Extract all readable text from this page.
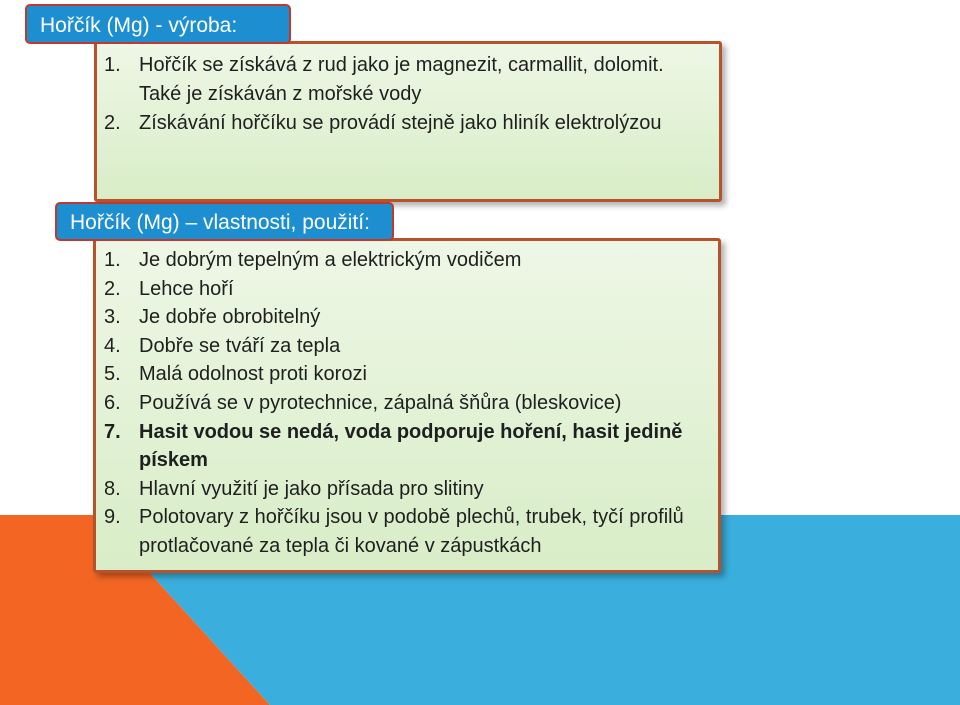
Hořčík (Mg) - výroba:
Hořčík (Mg) – vlastnosti, použití:
1. Hořčík se získává z rud jako je magnezit, carmallit, dolomit. Také je získáván z mořské vody
2. Získávání hořčíku se provádí stejně jako hliník elektrolýzou
1. Je dobrým tepelným a elektrickým vodičem
2. Lehce hoří
3. Je dobře obrobitelný
4. Dobře se tváří za tepla
5. Malá odolnost proti korozi
6. Používá se v pyrotechnice, zápalná šňůra (bleskovice)
7. Hasit vodou se nedá, voda podporuje hoření, hasit jedině pískem
8. Hlavní využití je jako přísada pro slitiny
9. Polotovary z hořčíku jsou v podobě plechů, trubek, tyčí profilů protlačované za tepla či kované v zápustkách
